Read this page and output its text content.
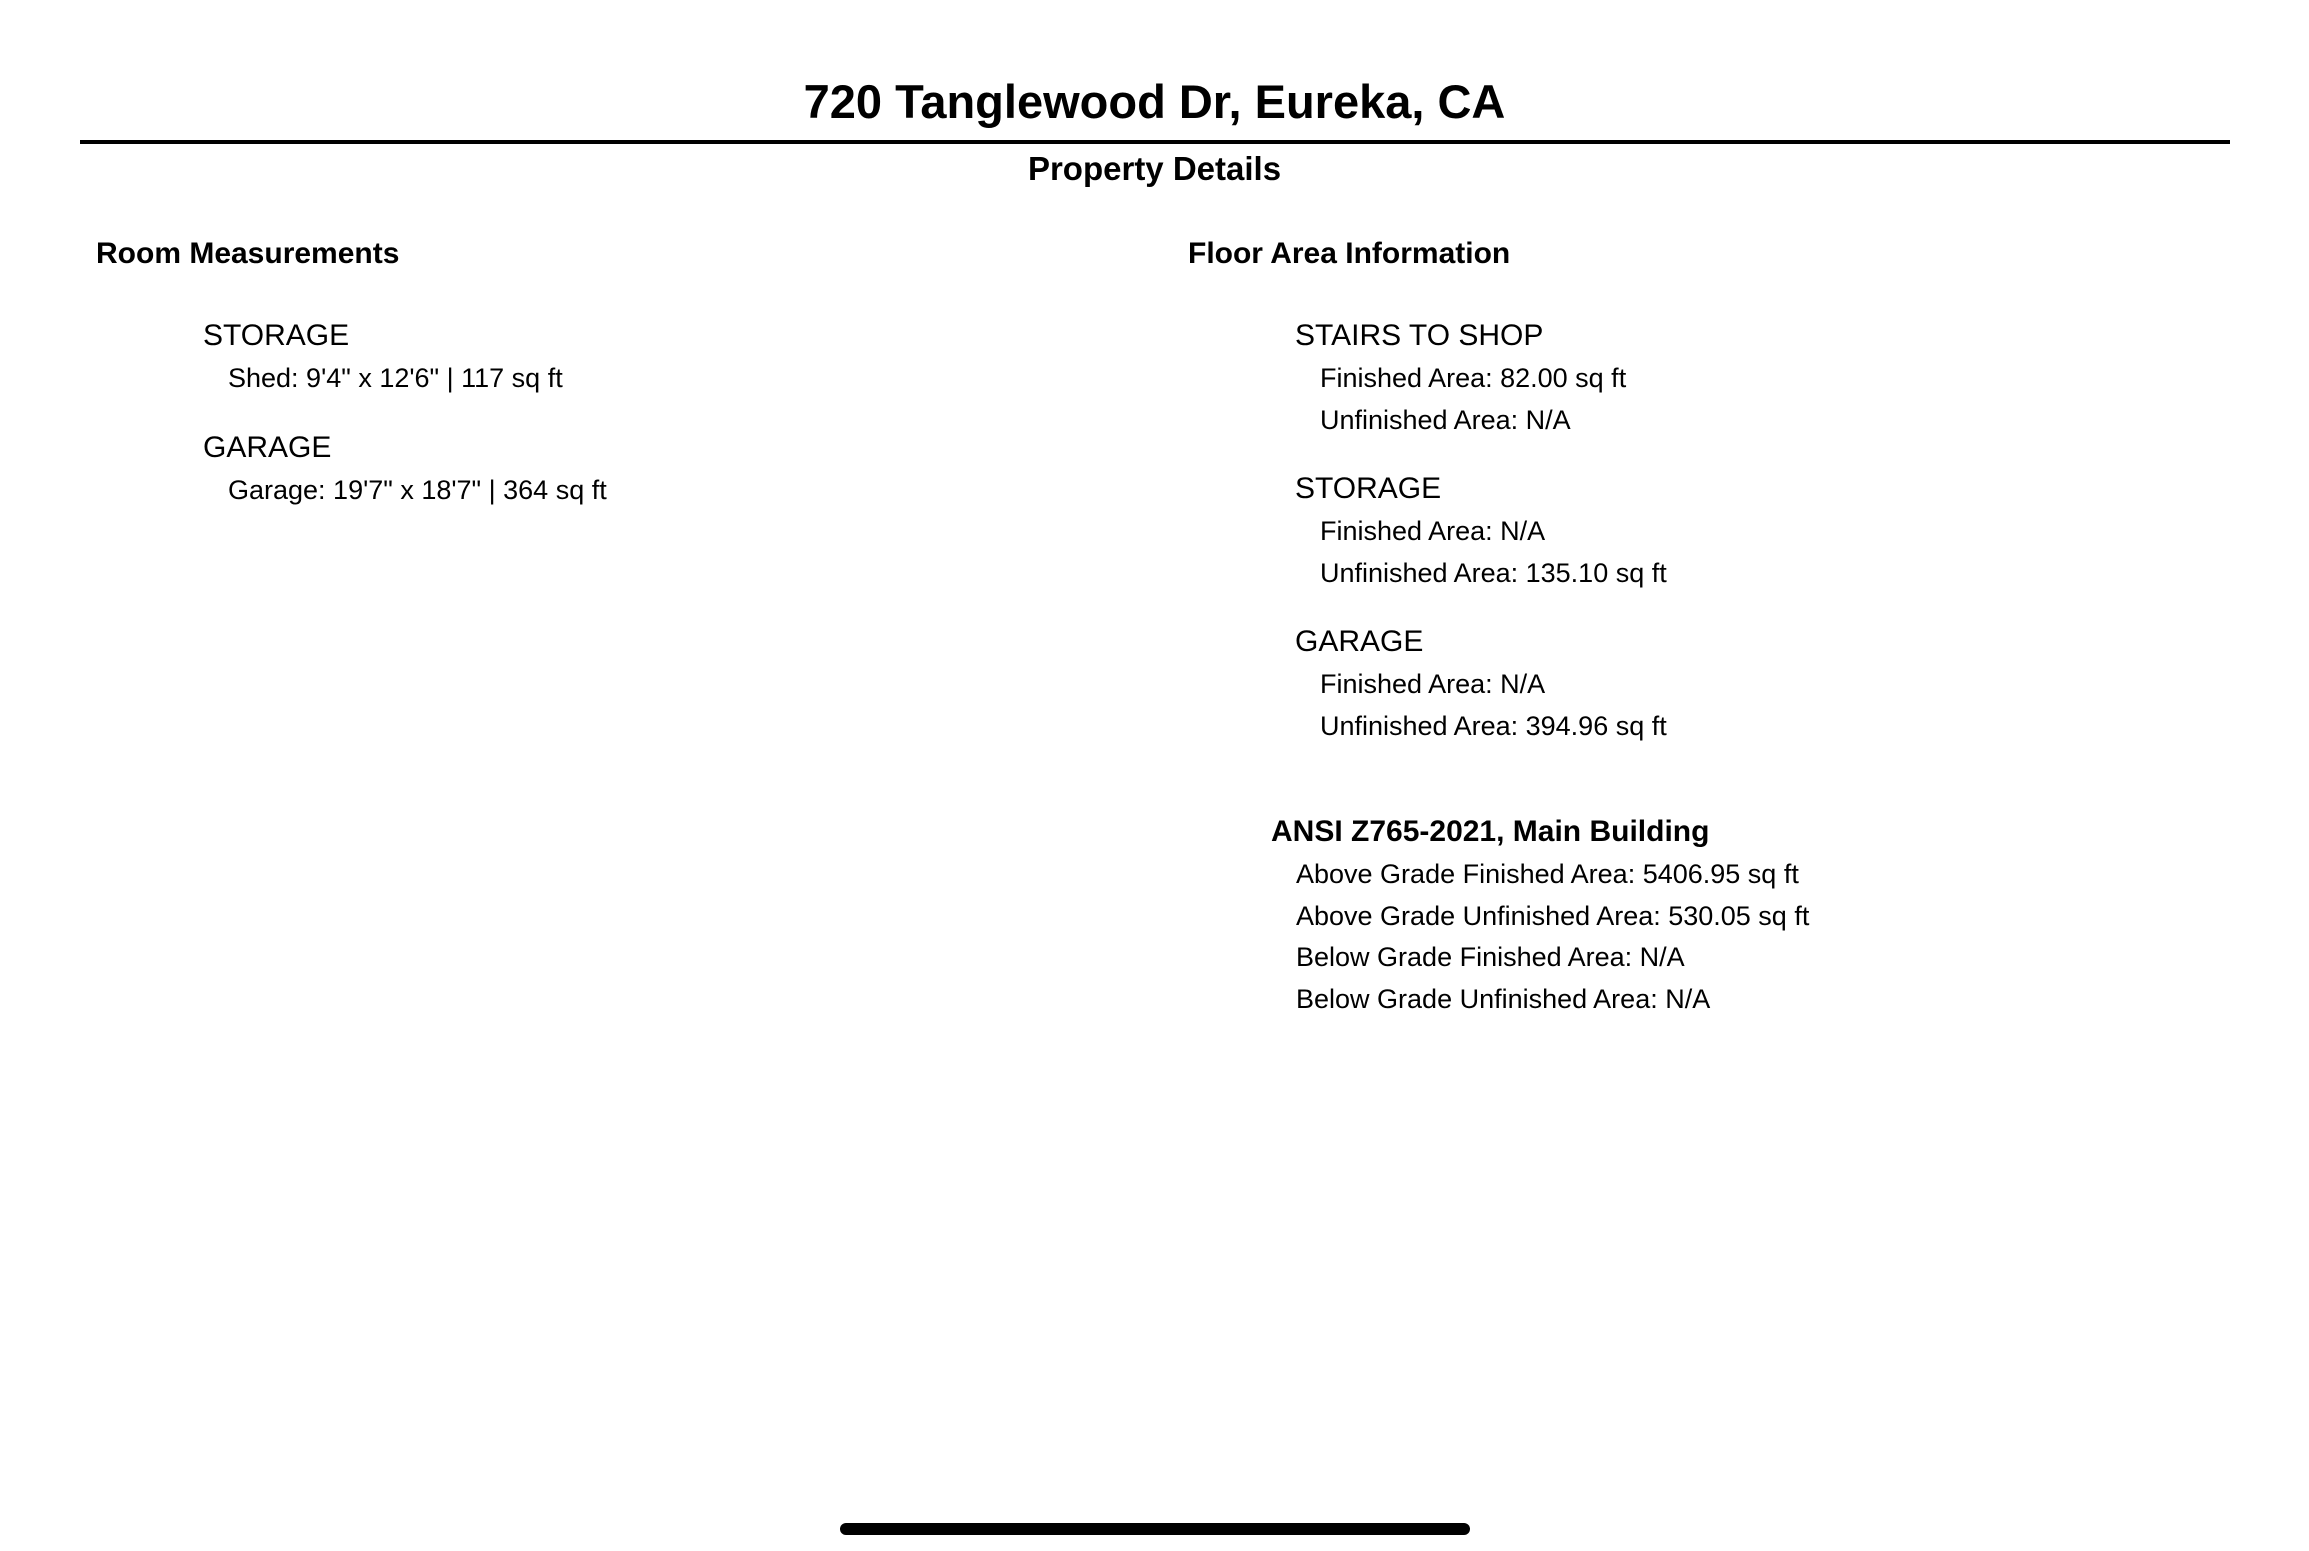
720 Tanglewood Dr, Eureka, CA
Property Details
Room Measurements
STORAGE
Shed: 9'4" x 12'6" | 117 sq ft
GARAGE
Garage: 19'7" x 18'7" | 364 sq ft
Floor Area Information
STAIRS TO SHOP
Finished Area: 82.00 sq ft
Unfinished Area: N/A
STORAGE
Finished Area: N/A
Unfinished Area: 135.10 sq ft
GARAGE
Finished Area: N/A
Unfinished Area: 394.96 sq ft
ANSI Z765-2021, Main Building
Above Grade Finished Area: 5406.95 sq ft
Above Grade Unfinished Area: 530.05 sq ft
Below Grade Finished Area: N/A
Below Grade Unfinished Area: N/A
